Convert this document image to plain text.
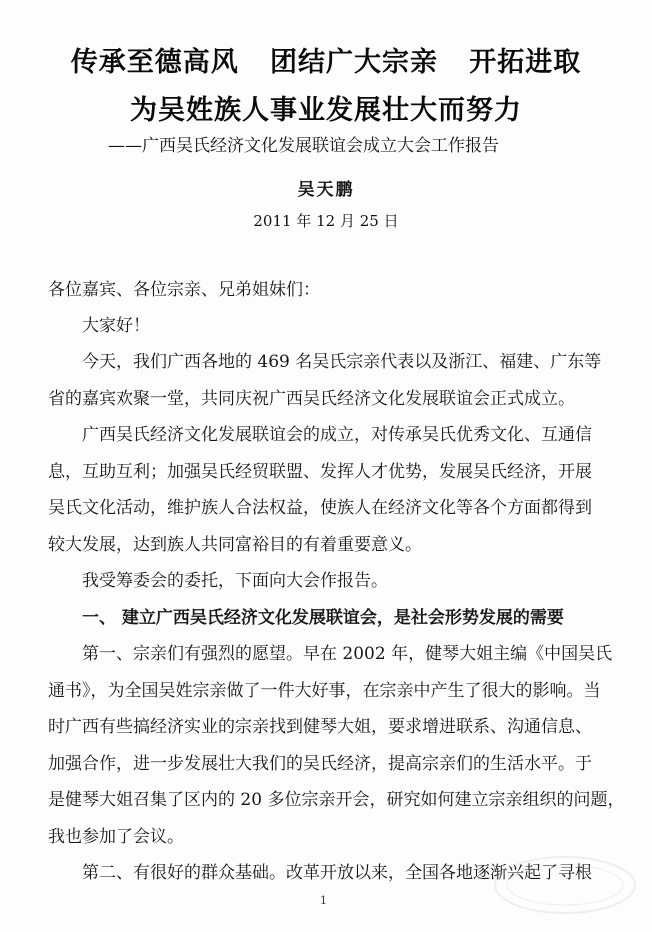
传承至德高风   团结广大宗亲   开拓进取
为吴姓族人事业发展壮大而努力
——广西吴氏经济文化发展联谊会成立大会工作报告
吴天鹏
2011 年 12 月 25 日
各位嘉宾、各位宗亲、兄弟姐妹们：
大家好！
今天，我们广西各地的 469 名吴氏宗亲代表以及浙江、福建、广东等
省的嘉宾欢聚一堂，共同庆祝广西吴氏经济文化发展联谊会正式成立。
广西吴氏经济文化发展联谊会的成立，对传承吴氏优秀文化、互通信
息，互助互利；加强吴氏经贸联盟、发挥人才优势，发展吴氏经济，开展
吴氏文化活动，维护族人合法权益，使族人在经济文化等各个方面都得到
较大发展，达到族人共同富裕目的有着重要意义。
我受筹委会的委托，下面向大会作报告。
一、 建立广西吴氏经济文化发展联谊会，是社会形势发展的需要
第一、宗亲们有强烈的愿望。早在 2002 年，健琴大姐主编《中国吴氏
通书》，为全国吴姓宗亲做了一件大好事，在宗亲中产生了很大的影响。当
时广西有些搞经济实业的宗亲找到健琴大姐，要求增进联系、沟通信息、
加强合作，进一步发展壮大我们的吴氏经济，提高宗亲们的生活水平。于
是健琴大姐召集了区内的 20 多位宗亲开会，研究如何建立宗亲组织的问题，
我也参加了会议。
第二、有很好的群众基础。改革开放以来，全国各地逐渐兴起了寻根
1
